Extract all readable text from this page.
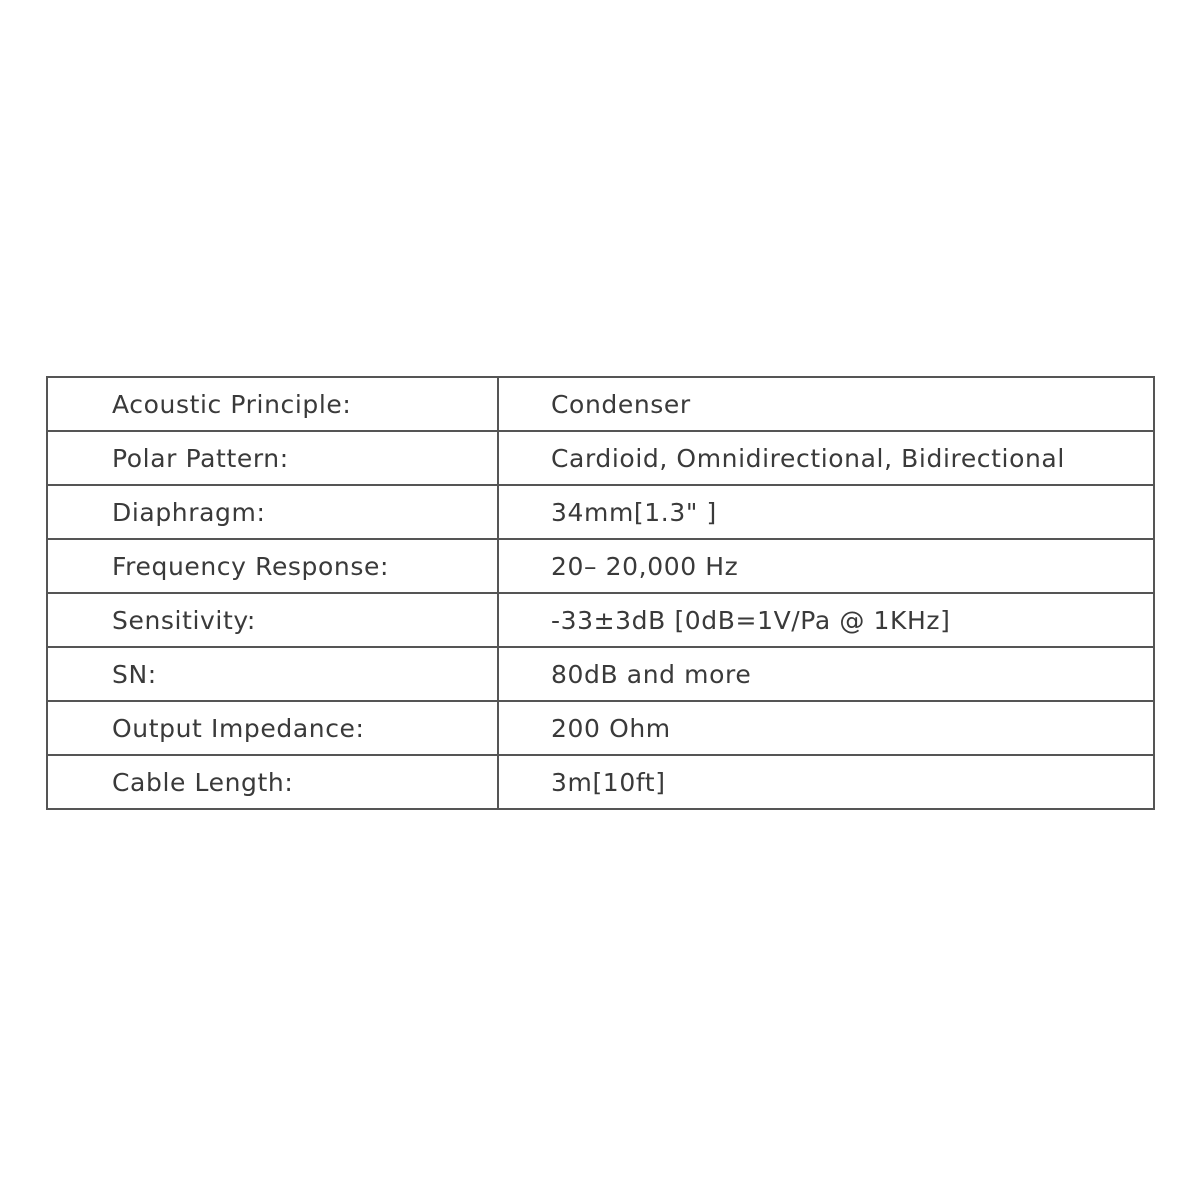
Acoustic Principle:	Condenser
Polar Pattern:	Cardioid, Omnidirectional, Bidirectional
Diaphragm:	34mm[1.3" ]
Frequency Response:	20– 20,000 Hz
Sensitivity:	-33±3dB [0dB=1V/Pa @ 1KHz]
SN:	80dB and more
Output Impedance:	200 Ohm
Cable Length:	3m[10ft]
